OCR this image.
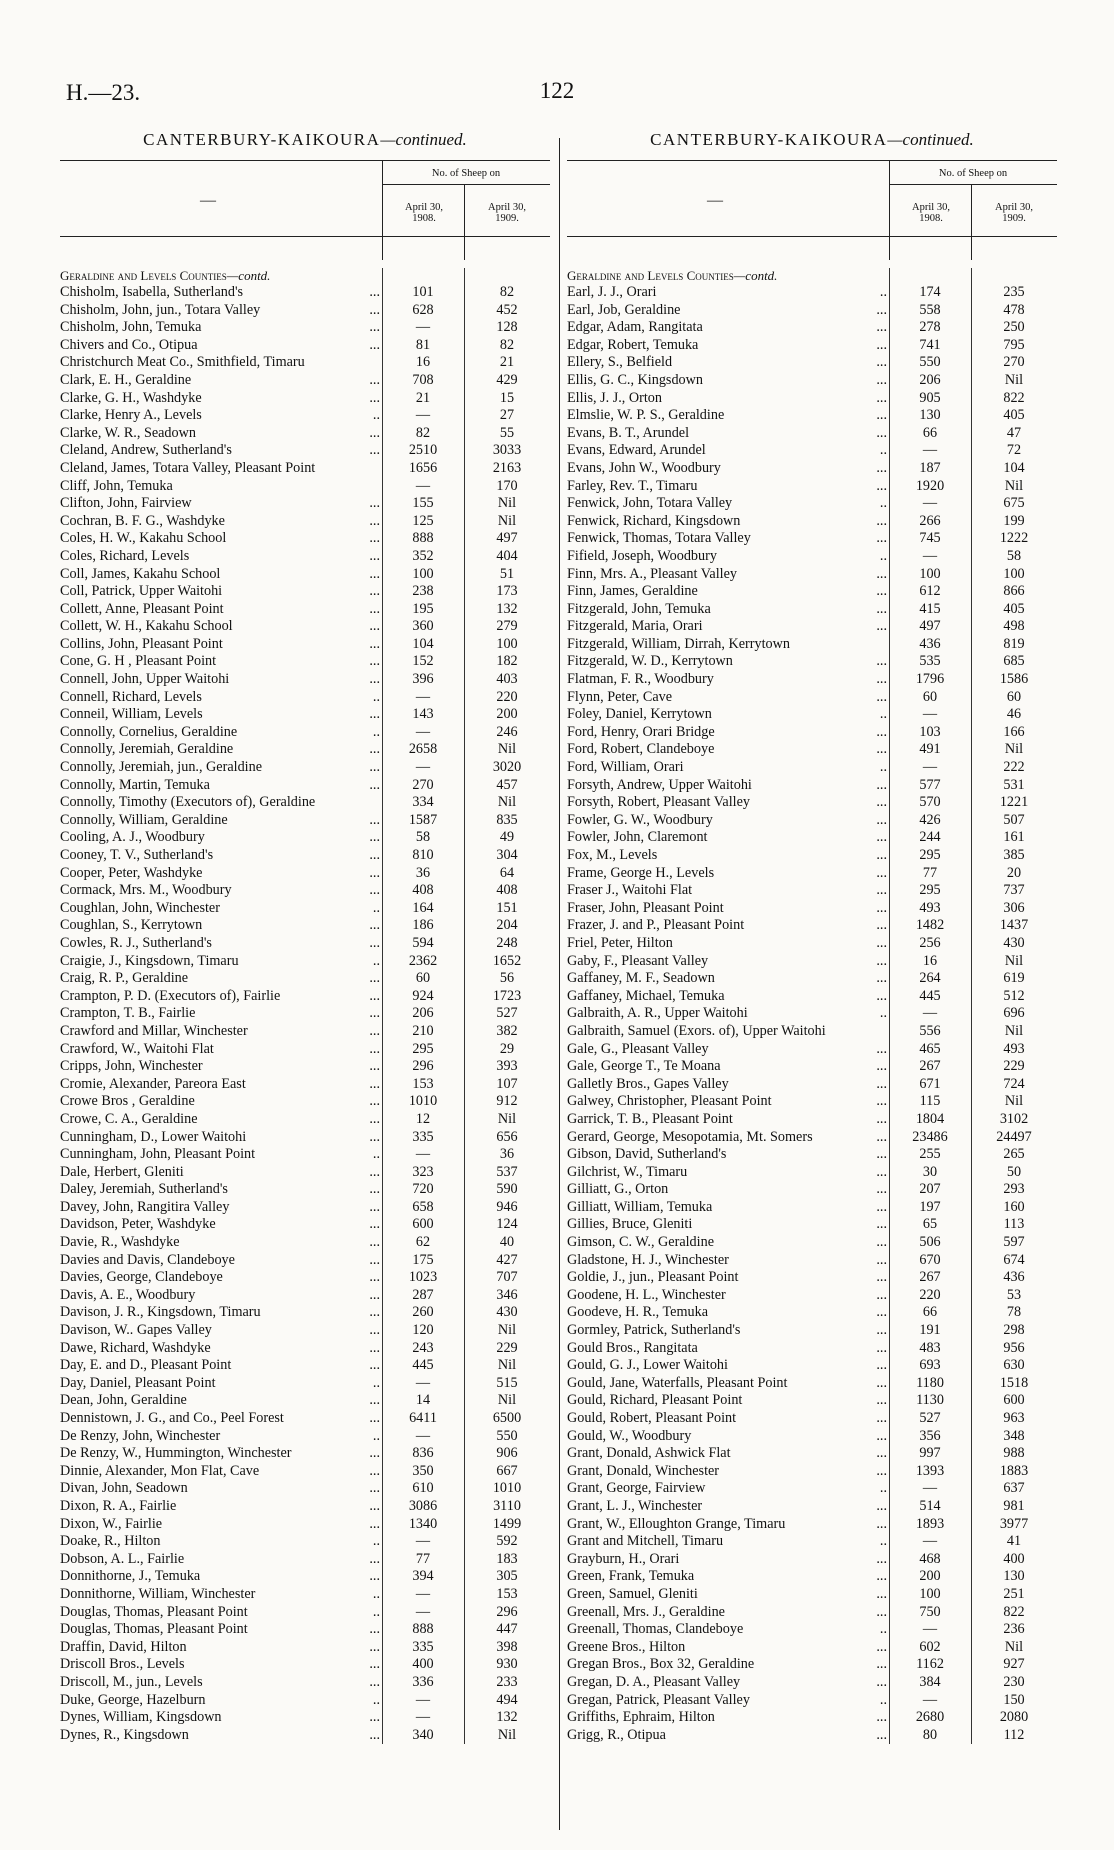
H.—23.	122
CANTERBURY-KAIKOURA—continued.
—
No. of Sheep on
April 30,
1908.
April 30,
1909.
Geraldine and Levels Counties—contd.
Chisholm, Isabella, Sutherland's	...	101	82
Chisholm, John, jun., Totara Valley	...	628	452
Chisholm, John, Temuka	...	—	128
Chivers and Co., Otipua	...	81	82
Christchurch Meat Co., Smithfield, Timaru	16	21
Clark, E. H., Geraldine	...	708	429
Clarke, G. H., Washdyke	...	21	15
Clarke, Henry A., Levels	..	—	27
Clarke, W. R., Seadown	...	82	55
Cleland, Andrew, Sutherland's	...	2510	3033
Cleland, James, Totara Valley, Pleasant Point	1656	2163
Cliff, John, Temuka	—	170
Clifton, John, Fairview	...	155	Nil
Cochran, B. F. G., Washdyke	...	125	Nil
Coles, H. W., Kakahu School	...	888	497
Coles, Richard, Levels	...	352	404
Coll, James, Kakahu School	...	100	51
Coll, Patrick, Upper Waitohi	...	238	173
Collett, Anne, Pleasant Point	...	195	132
Collett, W. H., Kakahu School	...	360	279
Collins, John, Pleasant Point	...	104	100
Cone, G. H , Pleasant Point	...	152	182
Connell, John, Upper Waitohi	...	396	403
Connell, Richard, Levels	..	—	220
Conneil, William, Levels	...	143	200
Connolly, Cornelius, Geraldine	..	—	246
Connolly, Jeremiah, Geraldine	...	2658	Nil
Connolly, Jeremiah, jun., Geraldine	...	—	3020
Connolly, Martin, Temuka	...	270	457
Connolly, Timothy (Executors of), Geraldine	334	Nil
Connolly, William, Geraldine	...	1587	835
Cooling, A. J., Woodbury	...	58	49
Cooney, T. V., Sutherland's	...	810	304
Cooper, Peter, Washdyke	...	36	64
Cormack, Mrs. M., Woodbury	...	408	408
Coughlan, John, Winchester	..	164	151
Coughlan, S., Kerrytown	...	186	204
Cowles, R. J., Sutherland's	...	594	248
Craigie, J., Kingsdown, Timaru	..	2362	1652
Craig, R. P., Geraldine	...	60	56
Crampton, P. D. (Executors of), Fairlie	...	924	1723
Crampton, T. B., Fairlie	...	206	527
Crawford and Millar, Winchester	...	210	382
Crawford, W., Waitohi Flat	...	295	29
Cripps, John, Winchester	...	296	393
Cromie, Alexander, Pareora East	...	153	107
Crowe Bros , Geraldine	...	1010	912
Crowe, C. A., Geraldine	...	12	Nil
Cunningham, D., Lower Waitohi	...	335	656
Cunningham, John, Pleasant Point	..	—	36
Dale, Herbert, Gleniti	...	323	537
Daley, Jeremiah, Sutherland's	...	720	590
Davey, John, Rangitira Valley	...	658	946
Davidson, Peter, Washdyke	...	600	124
Davie, R., Washdyke	...	62	40
Davies and Davis, Clandeboye	...	175	427
Davies, George, Clandeboye	...	1023	707
Davis, A. E., Woodbury	...	287	346
Davison, J. R., Kingsdown, Timaru	...	260	430
Davison, W.. Gapes Valley	...	120	Nil
Dawe, Richard, Washdyke	...	243	229
Day, E. and D., Pleasant Point	...	445	Nil
Day, Daniel, Pleasant Point	..	—	515
Dean, John, Geraldine	...	14	Nil
Dennistown, J. G., and Co., Peel Forest	...	6411	6500
De Renzy, John, Winchester	..	—	550
De Renzy, W., Hummington, Winchester	...	836	906
Dinnie, Alexander, Mon Flat, Cave	...	350	667
Divan, John, Seadown	...	610	1010
Dixon, R. A., Fairlie	...	3086	3110
Dixon, W., Fairlie	...	1340	1499
Doake, R., Hilton	..	—	592
Dobson, A. L., Fairlie	...	77	183
Donnithorne, J., Temuka	...	394	305
Donnithorne, William, Winchester	..	—	153
Douglas, Thomas, Pleasant Point	..	—	296
Douglas, Thomas, Pleasant Point	...	888	447
Draffin, David, Hilton	...	335	398
Driscoll Bros., Levels	...	400	930
Driscoll, M., jun., Levels	...	336	233
Duke, George, Hazelburn	..	—	494
Dynes, William, Kingsdown	...	—	132
Dynes, R., Kingsdown	...	340	Nil
CANTERBURY-KAIKOURA—continued.
—
No. of Sheep on
April 30,
1908.
April 30,
1909.
Geraldine and Levels Counties—contd.
Earl, J. J., Orari	..	174	235
Earl, Job, Geraldine	...	558	478
Edgar, Adam, Rangitata	...	278	250
Edgar, Robert, Temuka	...	741	795
Ellery, S., Belfield	...	550	270
Ellis, G. C., Kingsdown	...	206	Nil
Ellis, J. J., Orton	...	905	822
Elmslie, W. P. S., Geraldine	...	130	405
Evans, B. T., Arundel	...	66	47
Evans, Edward, Arundel	..	—	72
Evans, John W., Woodbury	...	187	104
Farley, Rev. T., Timaru	...	1920	Nil
Fenwick, John, Totara Valley	..	—	675
Fenwick, Richard, Kingsdown	...	266	199
Fenwick, Thomas, Totara Valley	...	745	1222
Fifield, Joseph, Woodbury	..	—	58
Finn, Mrs. A., Pleasant Valley	...	100	100
Finn, James, Geraldine	...	612	866
Fitzgerald, John, Temuka	...	415	405
Fitzgerald, Maria, Orari	...	497	498
Fitzgerald, William, Dirrah, Kerrytown	436	819
Fitzgerald, W. D., Kerrytown	...	535	685
Flatman, F. R., Woodbury	...	1796	1586
Flynn, Peter, Cave	...	60	60
Foley, Daniel, Kerrytown	..	—	46
Ford, Henry, Orari Bridge	...	103	166
Ford, Robert, Clandeboye	...	491	Nil
Ford, William, Orari	..	—	222
Forsyth, Andrew, Upper Waitohi	...	577	531
Forsyth, Robert, Pleasant Valley	...	570	1221
Fowler, G. W., Woodbury	...	426	507
Fowler, John, Claremont	...	244	161
Fox, M., Levels	...	295	385
Frame, George H., Levels	...	77	20
Fraser J., Waitohi Flat	...	295	737
Fraser, John, Pleasant Point	...	493	306
Frazer, J. and P., Pleasant Point	...	1482	1437
Friel, Peter, Hilton	...	256	430
Gaby, F., Pleasant Valley	...	16	Nil
Gaffaney, M. F., Seadown	...	264	619
Gaffaney, Michael, Temuka	...	445	512
Galbraith, A. R., Upper Waitohi	..	—	696
Galbraith, Samuel (Exors. of), Upper Waitohi	556	Nil
Gale, G., Pleasant Valley	...	465	493
Gale, George T., Te Moana	...	267	229
Galletly Bros., Gapes Valley	...	671	724
Galwey, Christopher, Pleasant Point	...	115	Nil
Garrick, T. B., Pleasant Point	...	1804	3102
Gerard, George, Mesopotamia, Mt. Somers	...	23486	24497
Gibson, David, Sutherland's	...	255	265
Gilchrist, W., Timaru	...	30	50
Gilliatt, G., Orton	...	207	293
Gilliatt, William, Temuka	...	197	160
Gillies, Bruce, Gleniti	...	65	113
Gimson, C. W., Geraldine	...	506	597
Gladstone, H. J., Winchester	...	670	674
Goldie, J., jun., Pleasant Point	...	267	436
Goodene, H. L., Winchester	...	220	53
Goodeve, H. R., Temuka	...	66	78
Gormley, Patrick, Sutherland's	...	191	298
Gould Bros., Rangitata	...	483	956
Gould, G. J., Lower Waitohi	...	693	630
Gould, Jane, Waterfalls, Pleasant Point	...	1180	1518
Gould, Richard, Pleasant Point	...	1130	600
Gould, Robert, Pleasant Point	...	527	963
Gould, W., Woodbury	...	356	348
Grant, Donald, Ashwick Flat	...	997	988
Grant, Donald, Winchester	...	1393	1883
Grant, George, Fairview	..	—	637
Grant, L. J., Winchester	...	514	981
Grant, W., Elloughton Grange, Timaru	...	1893	3977
Grant and Mitchell, Timaru	..	—	41
Grayburn, H., Orari	...	468	400
Green, Frank, Temuka	...	200	130
Green, Samuel, Gleniti	...	100	251
Greenall, Mrs. J., Geraldine	...	750	822
Greenall, Thomas, Clandeboye	..	—	236
Greene Bros., Hilton	...	602	Nil
Gregan Bros., Box 32, Geraldine	...	1162	927
Gregan, D. A., Pleasant Valley	...	384	230
Gregan, Patrick, Pleasant Valley	..	—	150
Griffiths, Ephraim, Hilton	...	2680	2080
Grigg, R., Otipua	...	80	112
